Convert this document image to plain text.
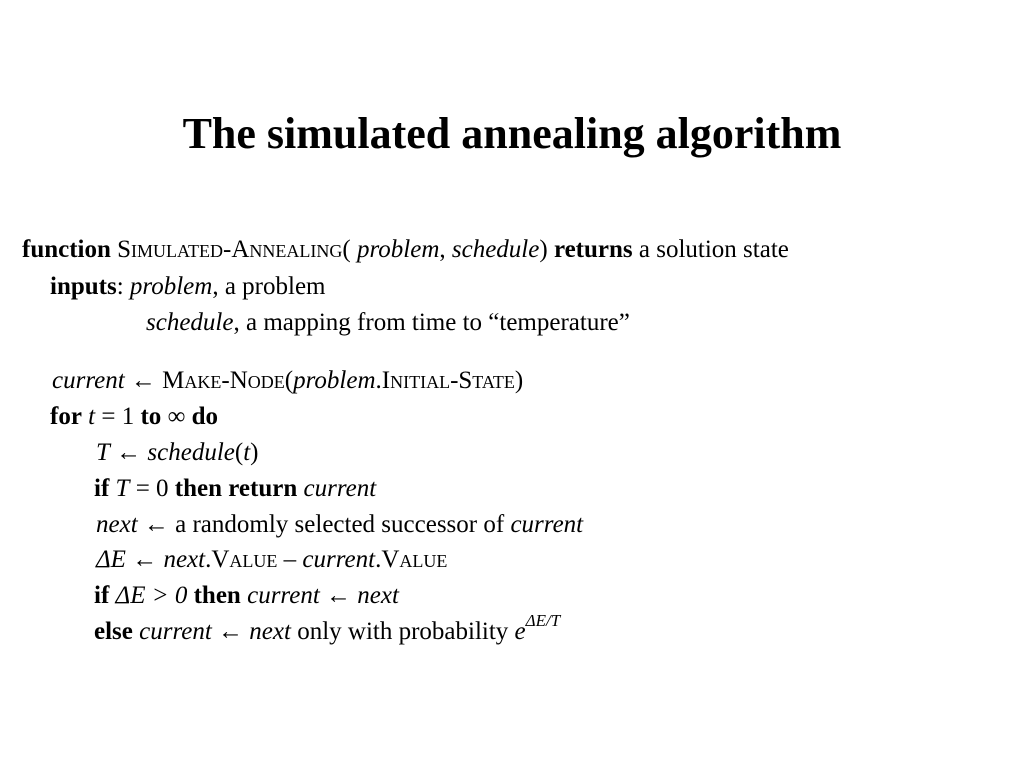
The simulated annealing algorithm
function Simulated-Annealing( problem, schedule) returns a solution state
inputs: problem, a problem
schedule, a mapping from time to “temperature”
current ← Make-Node(problem.Initial-State)
for t = 1 to ∞ do
T ← schedule(t)
if T = 0 then return current
next ← a randomly selected successor of current
ΔE ← next.Value – current.Value
if ΔE > 0 then current ← next
else current ← next only with probability $e^{\Delta E/T}$
